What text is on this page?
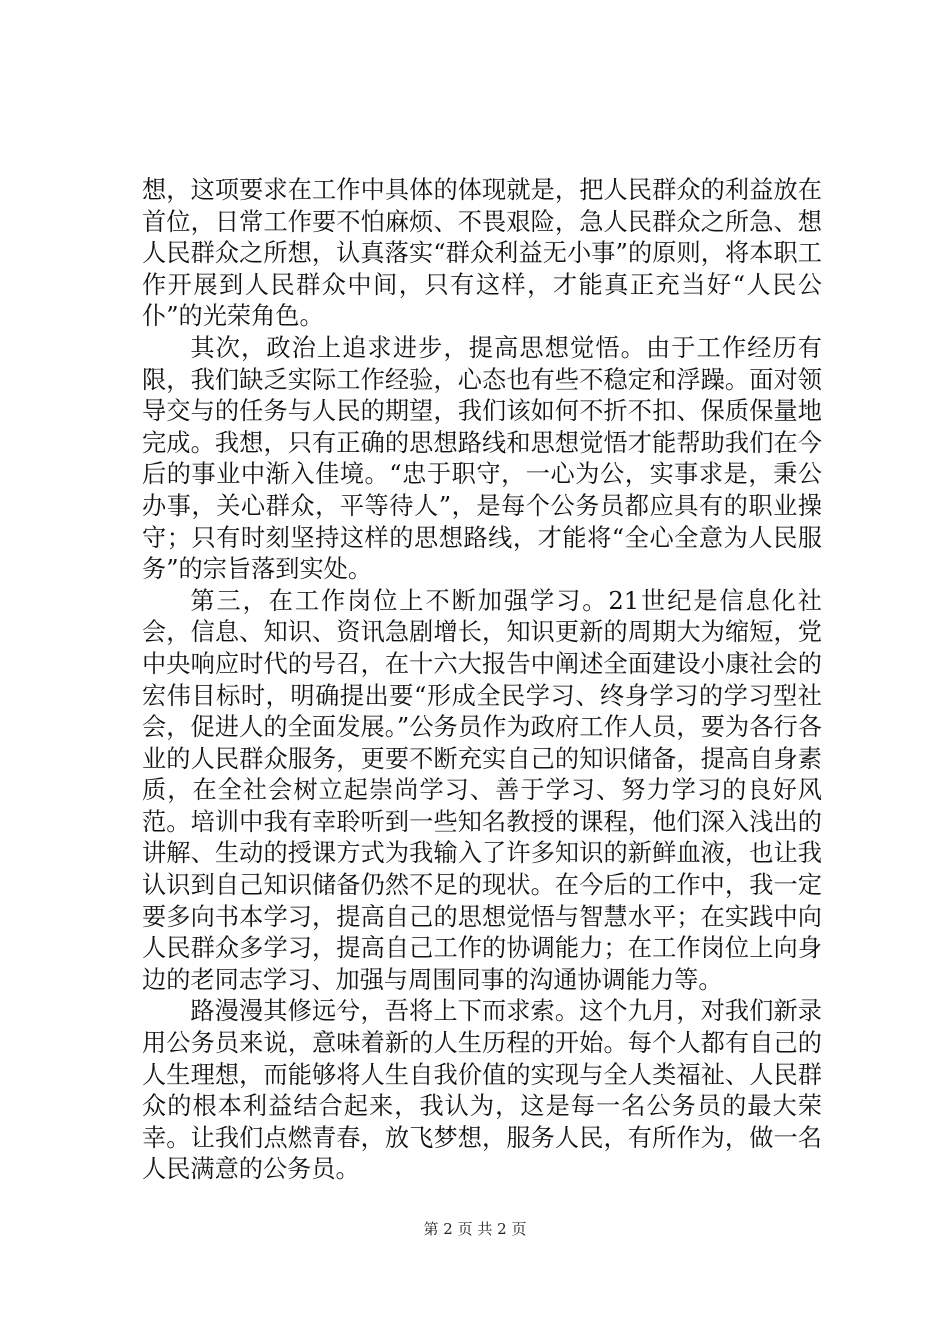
想，这项要求在工作中具体的体现就是，把人民群众的利益放在首位，日常工作要不怕麻烦、不畏艰险，急人民群众之所急、想人民群众之所想，认真落实“群众利益无小事”的原则，将本职工作开展到人民群众中间，只有这样，才能真正充当好“人民公仆”的光荣角色。

其次，政治上追求进步，提高思想觉悟。由于工作经历有限，我们缺乏实际工作经验，心态也有些不稳定和浮躁。面对领导交与的任务与人民的期望，我们该如何不折不扣、保质保量地完成。我想，只有正确的思想路线和思想觉悟才能帮助我们在今后的事业中渐入佳境。“忠于职守，一心为公，实事求是，秉公办事，关心群众，平等待人”，是每个公务员都应具有的职业操守；只有时刻坚持这样的思想路线，才能将“全心全意为人民服务”的宗旨落到实处。

第三，在工作岗位上不断加强学习。21世纪是信息化社会，信息、知识、资讯急剧增长，知识更新的周期大为缩短，党中央响应时代的号召，在十六大报告中阐述全面建设小康社会的宏伟目标时，明确提出要“形成全民学习、终身学习的学习型社会，促进人的全面发展。”公务员作为政府工作人员，要为各行各业的人民群众服务，更要不断充实自己的知识储备，提高自身素质，在全社会树立起崇尚学习、善于学习、努力学习的良好风范。培训中我有幸聆听到一些知名教授的课程，他们深入浅出的讲解、生动的授课方式为我输入了许多知识的新鲜血液，也让我认识到自己知识储备仍然不足的现状。在今后的工作中，我一定要多向书本学习，提高自己的思想觉悟与智慧水平；在实践中向人民群众多学习，提高自己工作的协调能力；在工作岗位上向身边的老同志学习、加强与周围同事的沟通协调能力等。

路漫漫其修远兮，吾将上下而求索。这个九月，对我们新录用公务员来说，意味着新的人生历程的开始。每个人都有自己的人生理想，而能够将人生自我价值的实现与全人类福祉、人民群众的根本利益结合起来，我认为，这是每一名公务员的最大荣幸。让我们点燃青春，放飞梦想，服务人民，有所作为，做一名人民满意的公务员。

第 2 页 共 2 页
